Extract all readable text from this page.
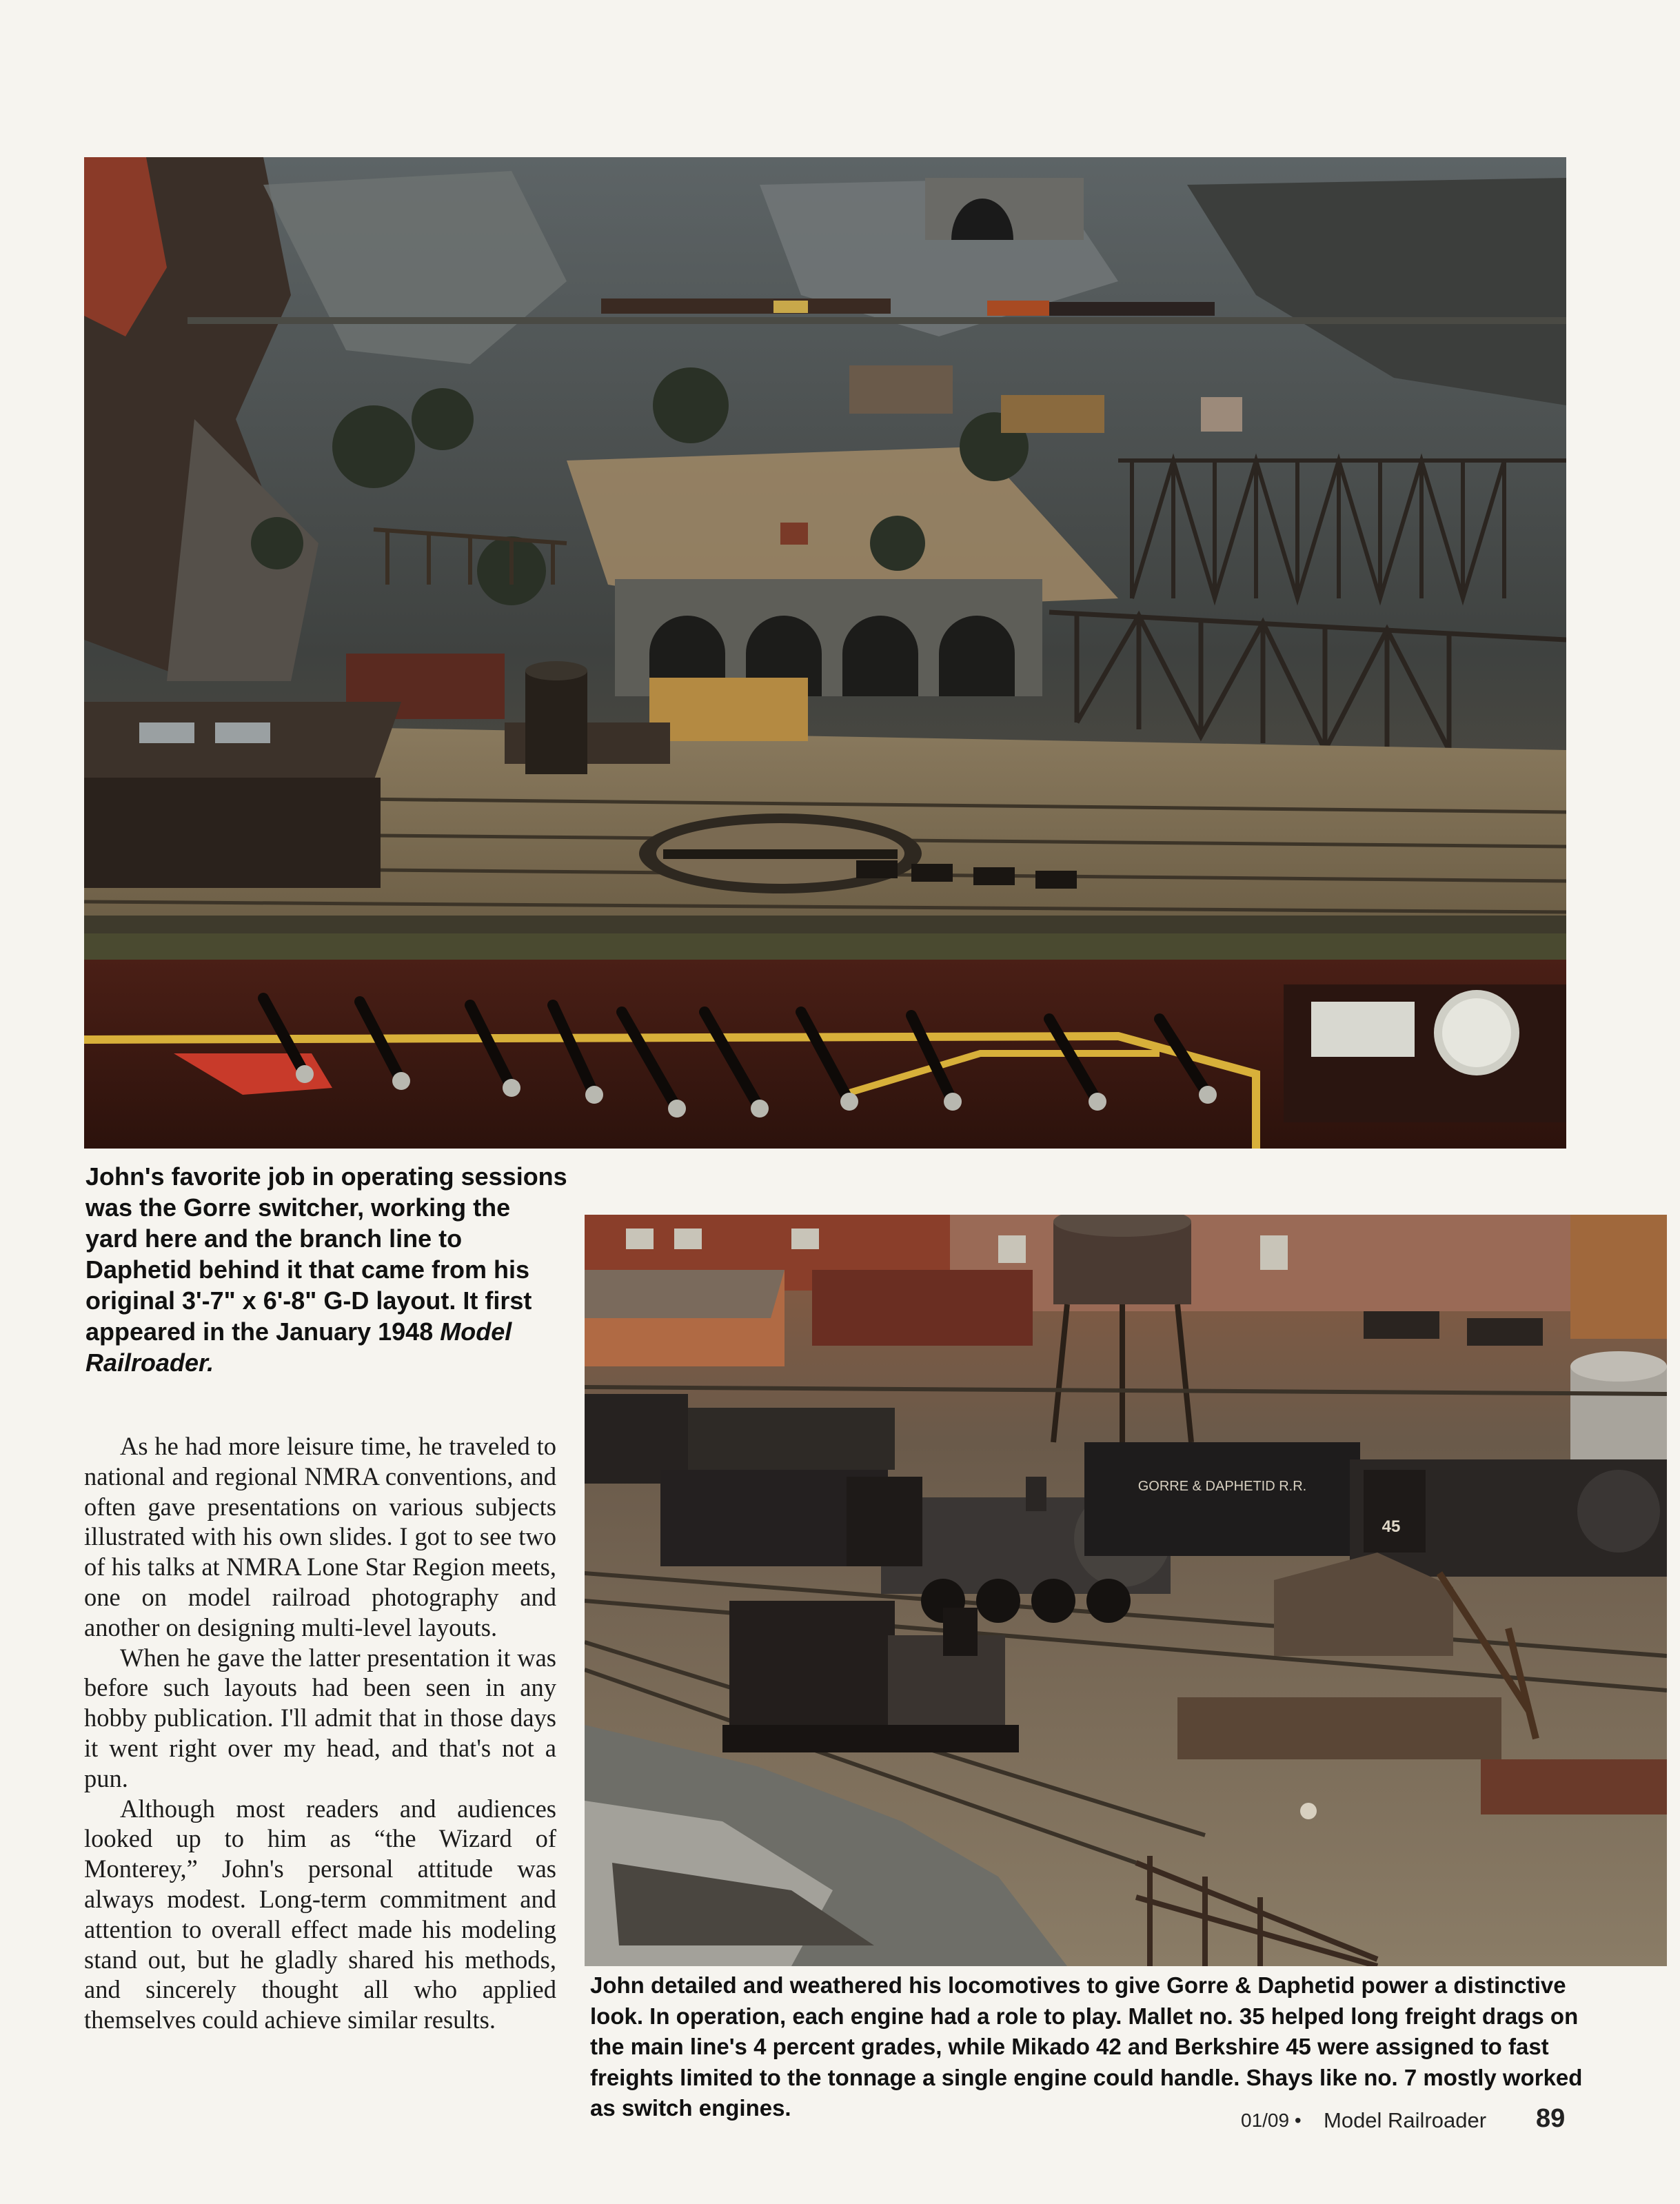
John's favorite job in operating sessions was the Gorre switcher, working the yard here and the branch line to Daphetid behind it that came from his original 3'-7" x 6'-8" G-D layout. It first appeared in the January 1948 Model Railroader.
GORRE & DAPHETID R.R.
45
John detailed and weathered his locomotives to give Gorre & Daphetid power a distinctive look. In operation, each engine had a role to play. Mallet no. 35 helped long freight drags on the main line's 4 percent grades, while Mikado 42 and Berkshire 45 were assigned to fast freights limited to the tonnage a single engine could handle. Shays like no. 7 mostly worked as switch engines.

As he had more leisure time, he traveled to national and regional NMRA conventions, and often gave presentations on various subjects illustrated with his own slides. I got to see two of his talks at NMRA Lone Star Region meets, one on model railroad photography and another on designing multi-level layouts.

When he gave the latter presentation it was before such layouts had been seen in any hobby publication. I'll admit that in those days it went right over my head, and that's not a pun.

Although most readers and audiences looked up to him as “the Wizard of Monterey,” John's personal attitude was always modest. Long-term commitment and attention to overall effect made his modeling stand out, but he gladly shared his methods, and sincerely thought all who applied themselves could achieve similar results.

01/09 • Model Railroader 89
